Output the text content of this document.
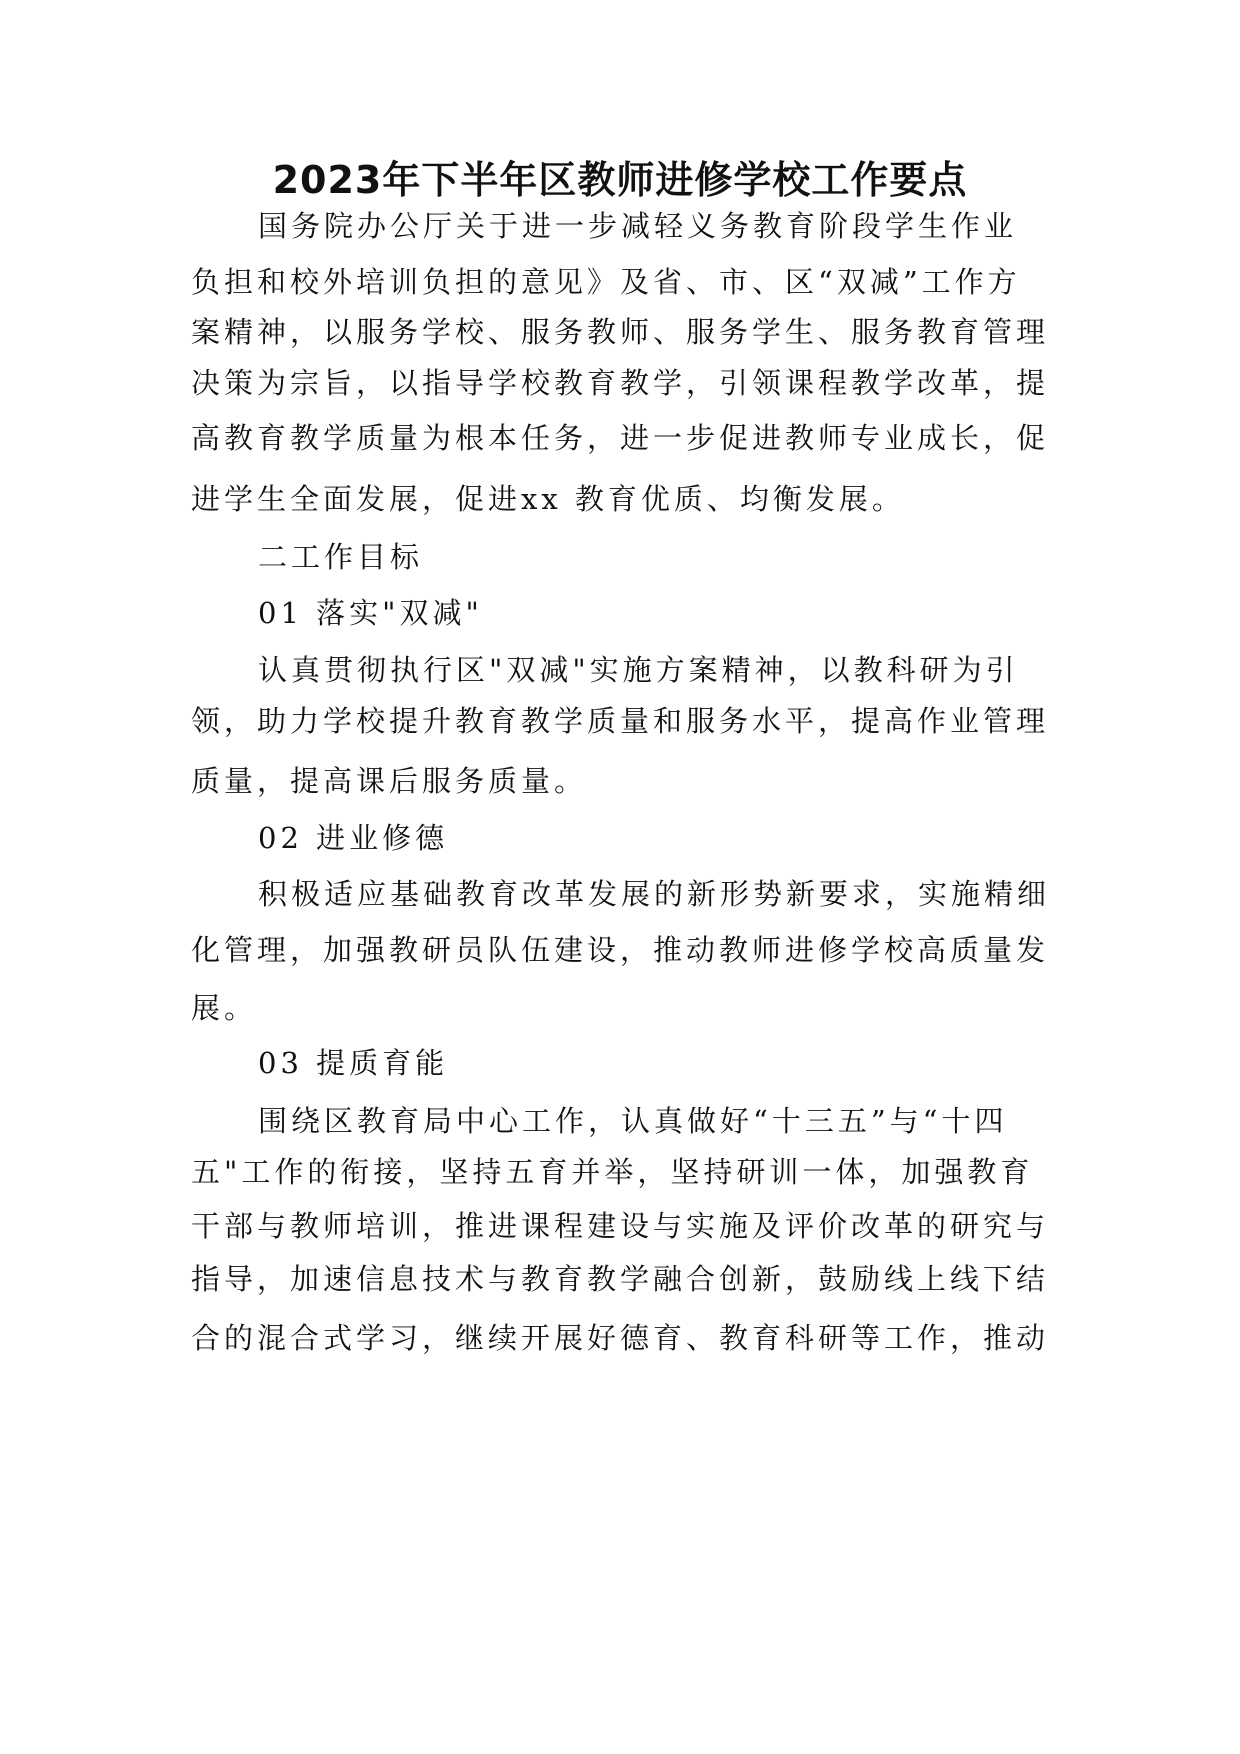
2023年下半年区教师进修学校工作要点

国务院办公厅关于进一步减轻义务教育阶段学生作业

负担和校外培训负担的意见》及省、市、区“双减”工作方

案精神，以服务学校、服务教师、服务学生、服务教育管理

决策为宗旨，以指导学校教育教学，引领课程教学改革，提

高教育教学质量为根本任务，进一步促进教师专业成长，促

进学生全面发展，促进xx 教育优质、均衡发展。

二工作目标

01 落实"双减"

认真贯彻执行区"双减"实施方案精神，以教科研为引

领，助力学校提升教育教学质量和服务水平，提高作业管理

质量，提高课后服务质量。

02 进业修德

积极适应基础教育改革发展的新形势新要求，实施精细

化管理，加强教研员队伍建设，推动教师进修学校高质量发

展。

03 提质育能

围绕区教育局中心工作，认真做好“十三五”与“十四

五"工作的衔接，坚持五育并举，坚持研训一体，加强教育

干部与教师培训，推进课程建设与实施及评价改革的研究与

指导，加速信息技术与教育教学融合创新，鼓励线上线下结

合的混合式学习，继续开展好德育、教育科研等工作，推动
